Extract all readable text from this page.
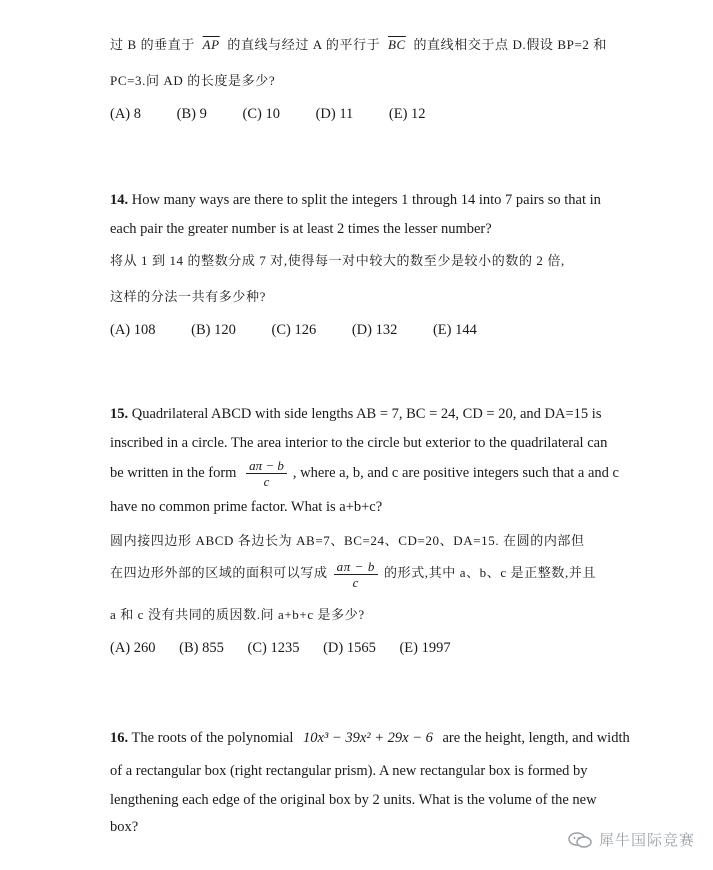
过 B 的垂直于 $\overline{AP}$ 的直线与经过 A 的平行于 $\overline{BC}$ 的直线相交于点 D.假设 BP=2 和
PC=3.问 AD 的长度是多少?
(A) 8 (B) 9 (C) 10 (D) 11 (E) 12
14. How many ways are there to split the integers 1 through 14 into 7 pairs so that in
each pair the greater number is at least 2 times the lesser number?
将从 1 到 14 的整数分成 7 对,使得每一对中较大的数至少是较小的数的 2 倍,
这样的分法一共有多少种?
(A) 108 (B) 120 (C) 126 (D) 132 (E) 144
15. Quadrilateral ABCD with side lengths AB = 7, BC = 24, CD = 20, and DA=15 is
inscribed in a circle. The area interior to the circle but exterior to the quadrilateral can
be written in the form $\frac{a\pi - b}{c}$ , where a, b, and c are positive integers such that a and c
have no common prime factor. What is a+b+c?
圆内接四边形 ABCD 各边长为 AB=7、BC=24、CD=20、DA=15. 在圆的内部但
在四边形外部的区域的面积可以写成 $\frac{a\pi - b}{c}$ 的形式,其中 a、b、c 是正整数,并且
a 和 c 没有共同的质因数.问 a+b+c 是多少?
(A) 260 (B) 855 (C) 1235 (D) 1565 (E) 1997
16. The roots of the polynomial 10x³ − 39x² + 29x − 6 are the height, length, and width
of a rectangular box (right rectangular prism). A new rectangular box is formed by
lengthening each edge of the original box by 2 units. What is the volume of the new
box?
犀牛国际竞赛
